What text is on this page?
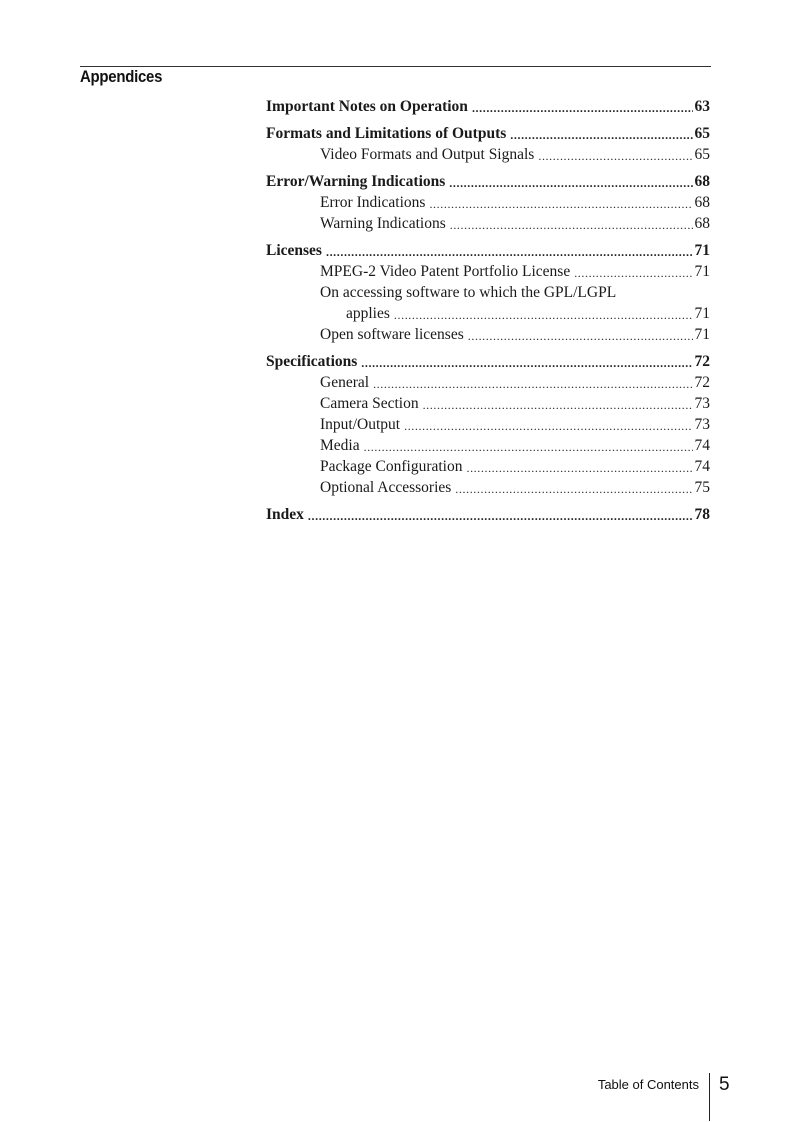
Appendices
Important Notes on Operation .....	63
Formats and Limitations of Outputs .....	65
Video Formats and Output Signals .....	65
Error/Warning Indications .....	68
Error Indications .....	68
Warning Indications .....	68
Licenses .....	71
MPEG-2 Video Patent Portfolio License .....	71
On accessing software to which the GPL/LGPL
applies .....	71
Open software licenses .....	71
Specifications .....	72
General .....	72
Camera Section .....	73
Input/Output .....	73
Media .....	74
Package Configuration .....	74
Optional Accessories .....	75
Index .....	78
Table of Contents 5
